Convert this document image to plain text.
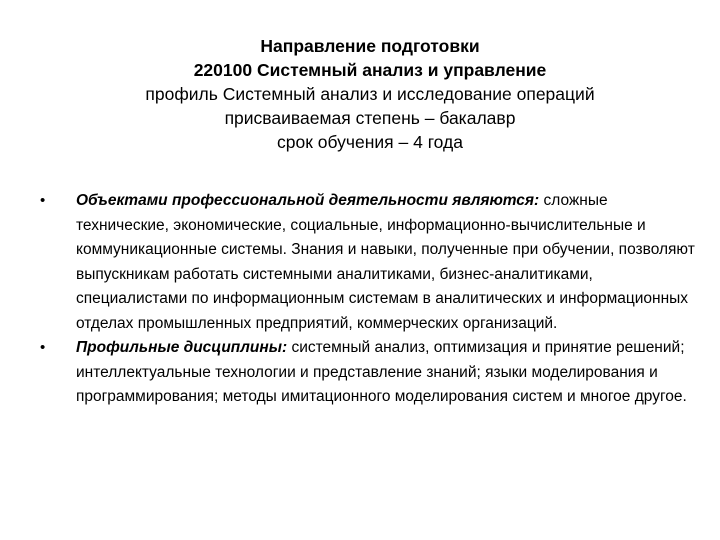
Направление подготовки
220100 Системный анализ и управление
профиль Системный анализ и исследование операций
присваиваемая степень – бакалавр
срок обучения – 4 года
• Объектами профессиональной деятельности являются: сложные технические, экономические, социальные, информационно-вычислительные и коммуникационные системы. Знания и навыки, полученные при обучении, позволяют выпускникам работать системными аналитиками, бизнес-аналитиками, специалистами по информационным системам в аналитических и информационных отделах промышленных предприятий, коммерческих организаций.
• Профильные дисциплины: системный анализ, оптимизация и принятие решений; интеллектуальные технологии и представление знаний; языки моделирования и программирования; методы имитационного моделирования систем и многое другое.
